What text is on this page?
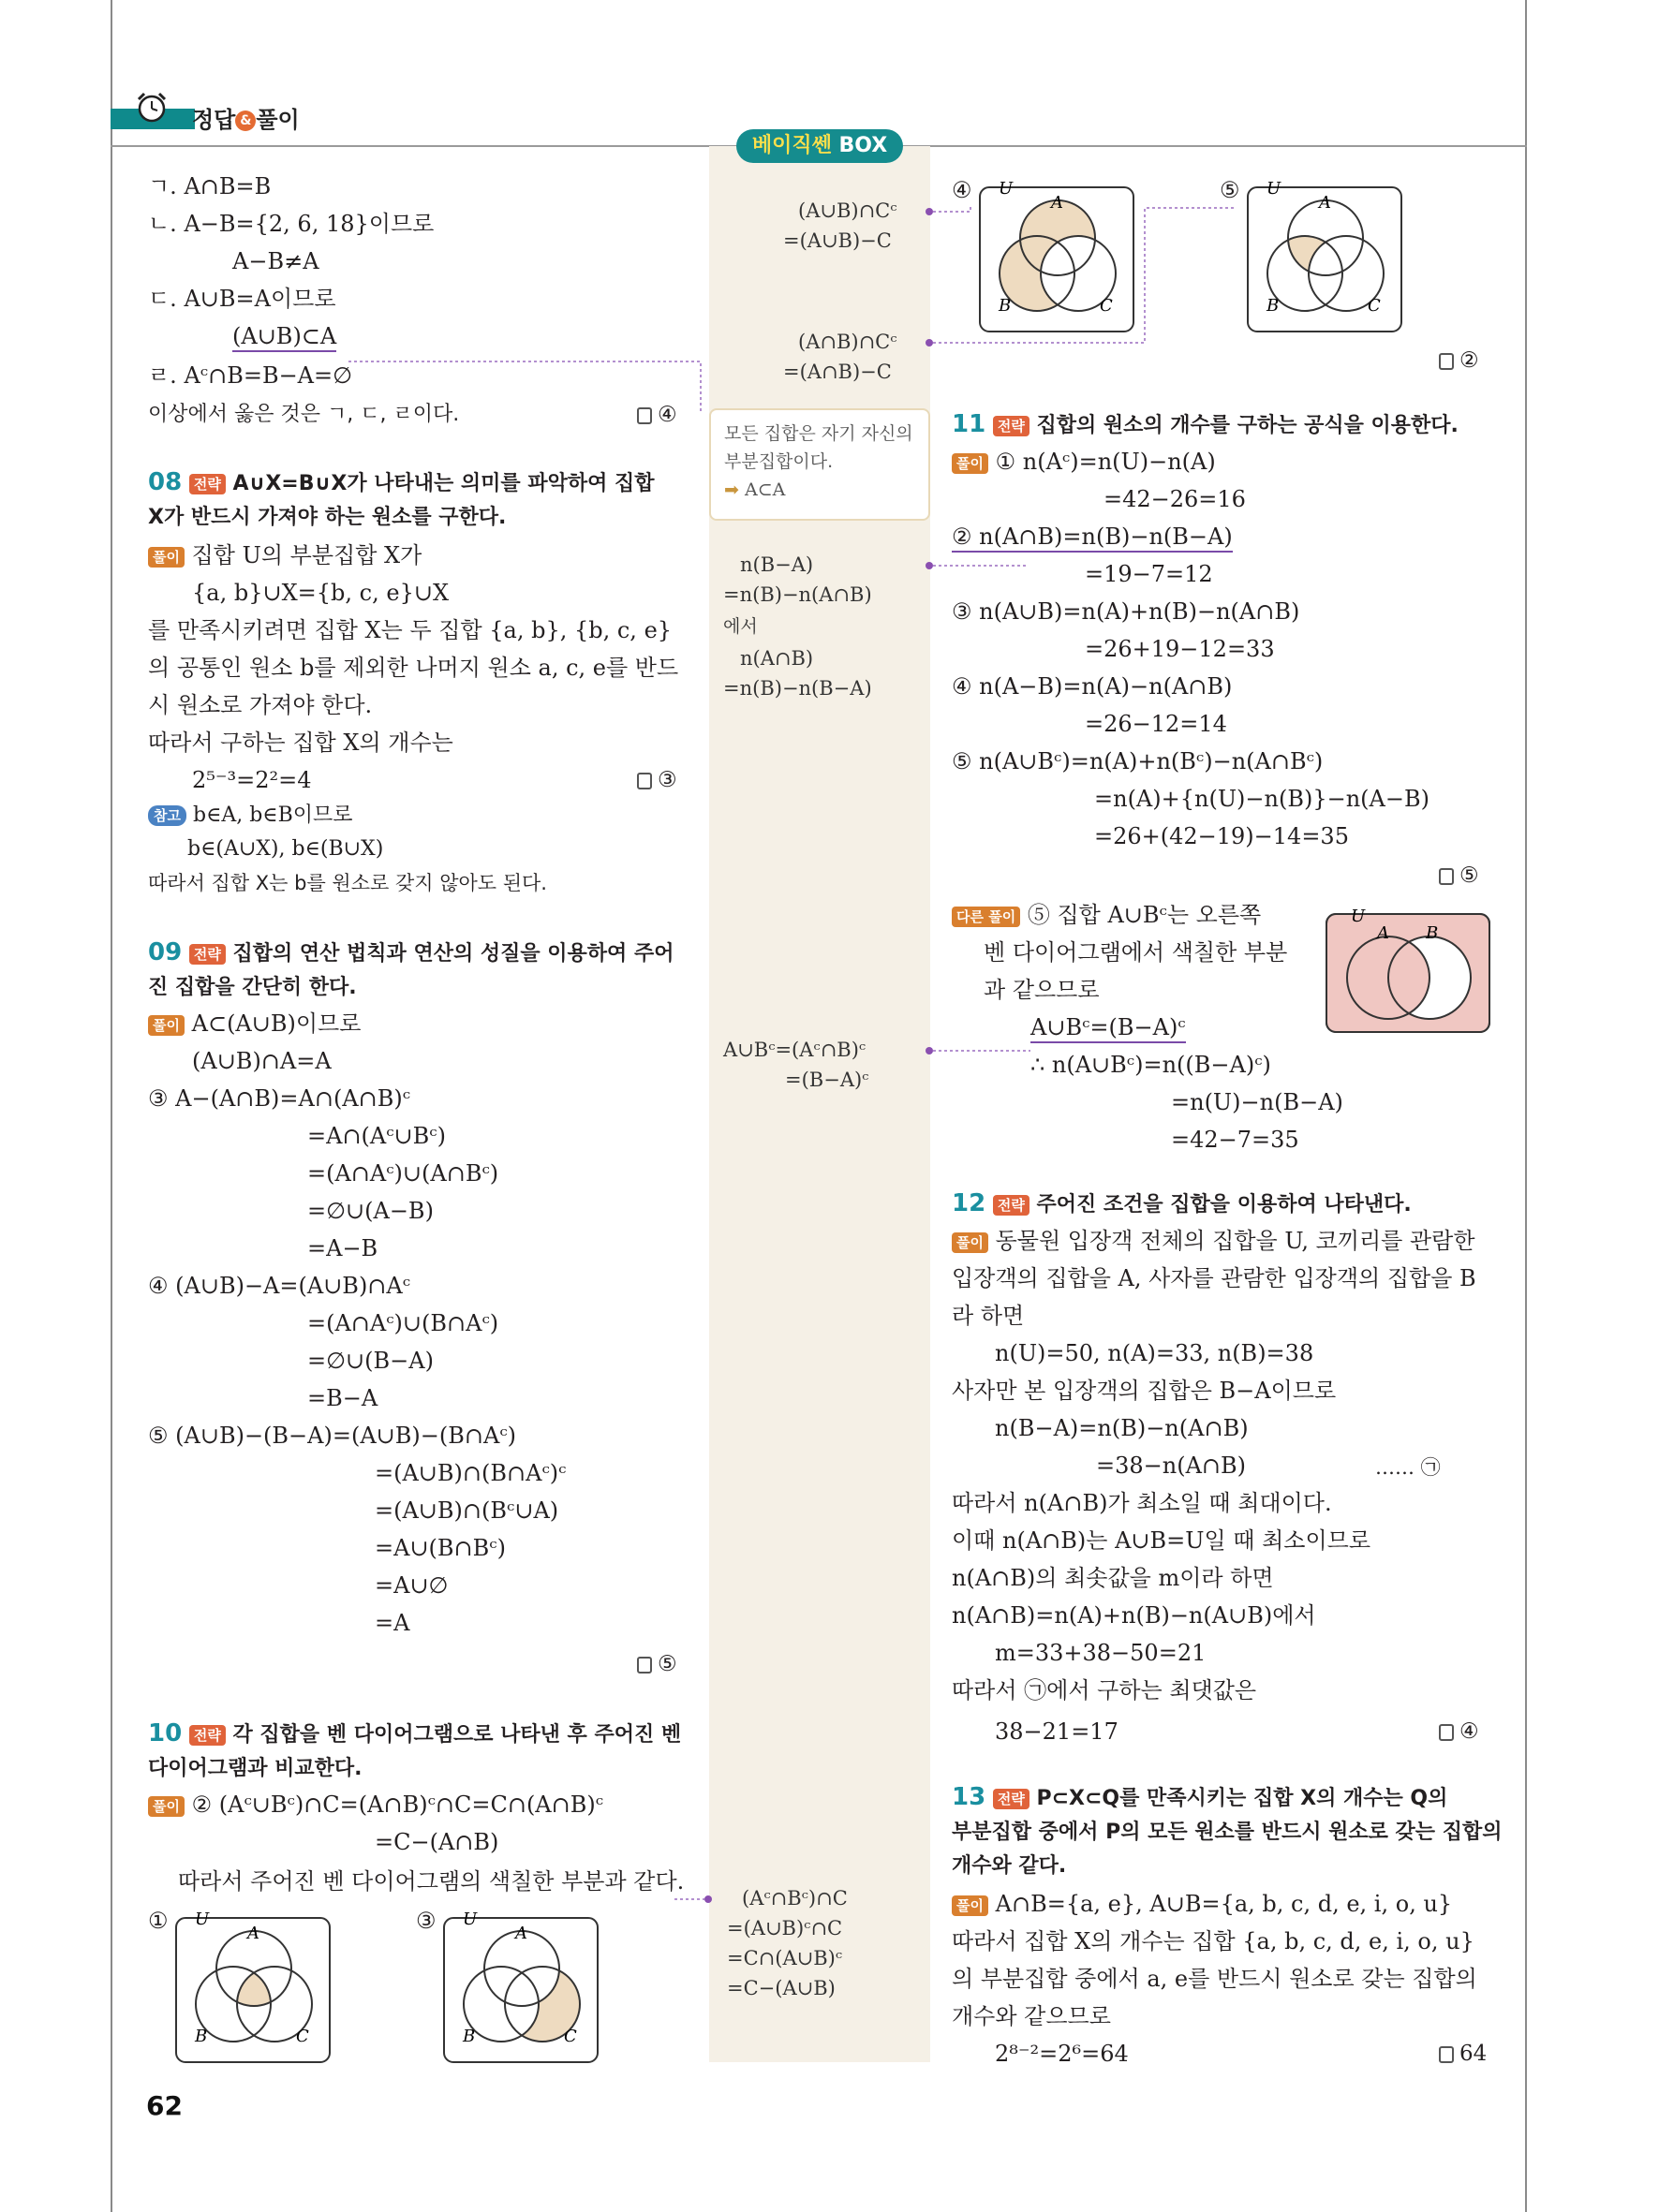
정답 & 풀이
베이직쎈 BOX
ㄱ. A∩B=B
ㄴ. A−B={2, 6, 18}이므로
A−B≠A
ㄷ. A∪B=A이므로
(A∪B)⊂A
ㄹ. Aᶜ∩B=B−A=∅
이상에서 옳은 것은 ㄱ, ㄷ, ㄹ이다.	④
08 전략 A∪X=B∪X가 나타내는 의미를 파악하여 집합
X가 반드시 가져야 하는 원소를 구한다.
풀이 집합 U의 부분집합 X가
{a, b}∪X={b, c, e}∪X
를 만족시키려면 집합 X는 두 집합 {a, b}, {b, c, e}
의 공통인 원소 b를 제외한 나머지 원소 a, c, e를 반드
시 원소로 가져야 한다.
따라서 구하는 집합 X의 개수는
2⁵⁻³=2²=4	③
참고 b∈A, b∈B이므로
b∈(A∪X), b∈(B∪X)
따라서 집합 X는 b를 원소로 갖지 않아도 된다.
09 전략 집합의 연산 법칙과 연산의 성질을 이용하여 주어
진 집합을 간단히 한다.
풀이 A⊂(A∪B)이므로
(A∪B)∩A=A
③ A−(A∩B)=A∩(A∩B)ᶜ
=A∩(Aᶜ∪Bᶜ)
=(A∩Aᶜ)∪(A∩Bᶜ)
=∅∪(A−B)
=A−B
④ (A∪B)−A=(A∪B)∩Aᶜ
=(A∩Aᶜ)∪(B∩Aᶜ)
=∅∪(B−A)
=B−A
⑤ (A∪B)−(B−A)=(A∪B)−(B∩Aᶜ)
=(A∪B)∩(B∩Aᶜ)ᶜ
=(A∪B)∩(Bᶜ∪A)
=A∪(B∩Bᶜ)
=A∪∅
=A
⑤
10 전략 각 집합을 벤 다이어그램으로 나타낸 후 주어진 벤
다이어그램과 비교한다.
풀이 ② (Aᶜ∪Bᶜ)∩C=(A∩B)ᶜ∩C=C∩(A∩B)ᶜ
=C−(A∩B)
따라서 주어진 벤 다이어그램의 색칠한 부분과 같다.
①	③
U
A
B	C
U
A
B	C
62
(A∪B)∩Cᶜ
=(A∪B)−C
(A∩B)∩Cᶜ
=(A∩B)−C
모든 집합은 자기 자신의
부분집합이다.
➡ A⊂A
n(B−A)
=n(B)−n(A∩B)
에서
n(A∩B)
=n(B)−n(B−A)
A∪Bᶜ=(Aᶜ∩B)ᶜ
=(B−A)ᶜ
(Aᶜ∩Bᶜ)∩C
=(A∪B)ᶜ∩C
=C∩(A∪B)ᶜ
=C−(A∪B)
④	⑤
U
A
B	C
U
A
B	C
②
11 전략 집합의 원소의 개수를 구하는 공식을 이용한다.
풀이 ① n(Aᶜ)=n(U)−n(A)
=42−26=16
② n(A∩B)=n(B)−n(B−A)
=19−7=12
③ n(A∪B)=n(A)+n(B)−n(A∩B)
=26+19−12=33
④ n(A−B)=n(A)−n(A∩B)
=26−12=14
⑤ n(A∪Bᶜ)=n(A)+n(Bᶜ)−n(A∩Bᶜ)
=n(A)+{n(U)−n(B)}−n(A−B)
=26+(42−19)−14=35
⑤
다른 풀이 ⑤ 집합 A∪Bᶜ는 오른쪽
벤 다이어그램에서 색칠한 부분
과 같으므로
A∪Bᶜ=(B−A)ᶜ
∴ n(A∪Bᶜ)=n((B−A)ᶜ)
=n(U)−n(B−A)
=42−7=35
U
A B
12 전략 주어진 조건을 집합을 이용하여 나타낸다.
풀이 동물원 입장객 전체의 집합을 U, 코끼리를 관람한
입장객의 집합을 A, 사자를 관람한 입장객의 집합을 B
라 하면
n(U)=50, n(A)=33, n(B)=38
사자만 본 입장객의 집합은 B−A이므로
n(B−A)=n(B)−n(A∩B)
=38−n(A∩B)	…… ㉠
따라서 n(A∩B)가 최소일 때 최대이다.
이때 n(A∩B)는 A∪B=U일 때 최소이므로
n(A∩B)의 최솟값을 m이라 하면
n(A∩B)=n(A)+n(B)−n(A∪B)에서
m=33+38−50=21
따라서 ㉠에서 구하는 최댓값은
38−21=17	④
13 전략 P⊂X⊂Q를 만족시키는 집합 X의 개수는 Q의
부분집합 중에서 P의 모든 원소를 반드시 원소로 갖는 집합의
개수와 같다.
풀이 A∩B={a, e}, A∪B={a, b, c, d, e, i, o, u}
따라서 집합 X의 개수는 집합 {a, b, c, d, e, i, o, u}
의 부분집합 중에서 a, e를 반드시 원소로 갖는 집합의
개수와 같으므로
2⁸⁻²=2⁶=64	64
